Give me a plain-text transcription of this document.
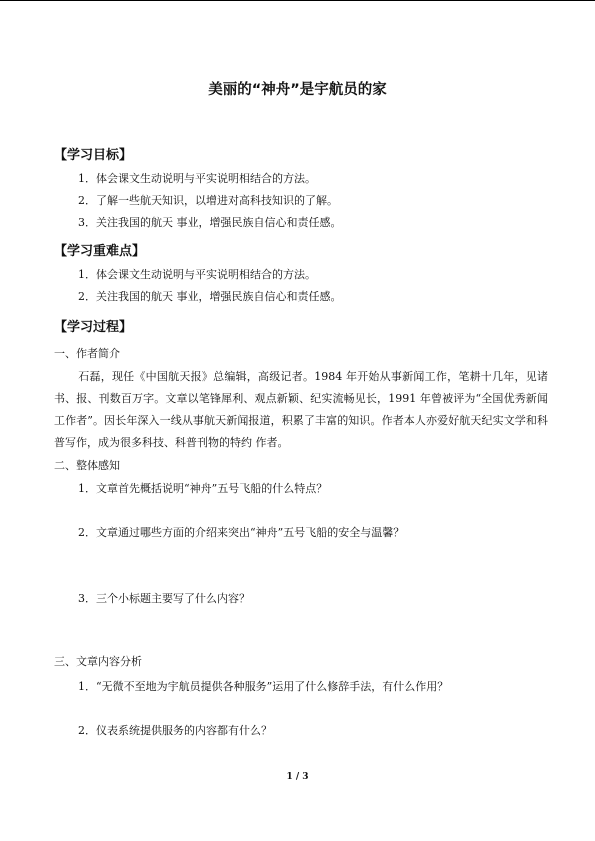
美丽的“神舟”是宇航员的家
【学习目标】
1．体会课文生动说明与平实说明相结合的方法。
2．了解一些航天知识，以增进对高科技知识的了解。
3．关注我国的航天 事业，增强民族自信心和责任感。
【学习重难点】
1．体会课文生动说明与平实说明相结合的方法。
2．关注我国的航天 事业，增强民族自信心和责任感。
【学习过程】
一、作者简介
石磊，现任《中国航天报》总编辑，高级记者。1984 年开始从事新闻工作，笔耕十几年，见诸书、报、刊数百万字。文章以笔锋犀利、观点新颖、纪实流畅见长，1991 年曾被评为“全国优秀新闻工作者”。因长年深入一线从事航天新闻报道，积累了丰富的知识。作者本人亦爱好航天纪实文学和科普写作，成为很多科技、科普刊物的特约 作者。
二、整体感知
1．文章首先概括说明“神舟”五号飞船的什么特点？
2．文章通过哪些方面的介绍来突出“神舟”五号飞船的安全与温馨？
3．三个小标题主要写了什么内容？
三、文章内容分析
1．“无微不至地为宇航员提供各种服务”运用了什么修辞手法，有什么作用？
2．仪表系统提供服务的内容都有什么？
1 / 3
